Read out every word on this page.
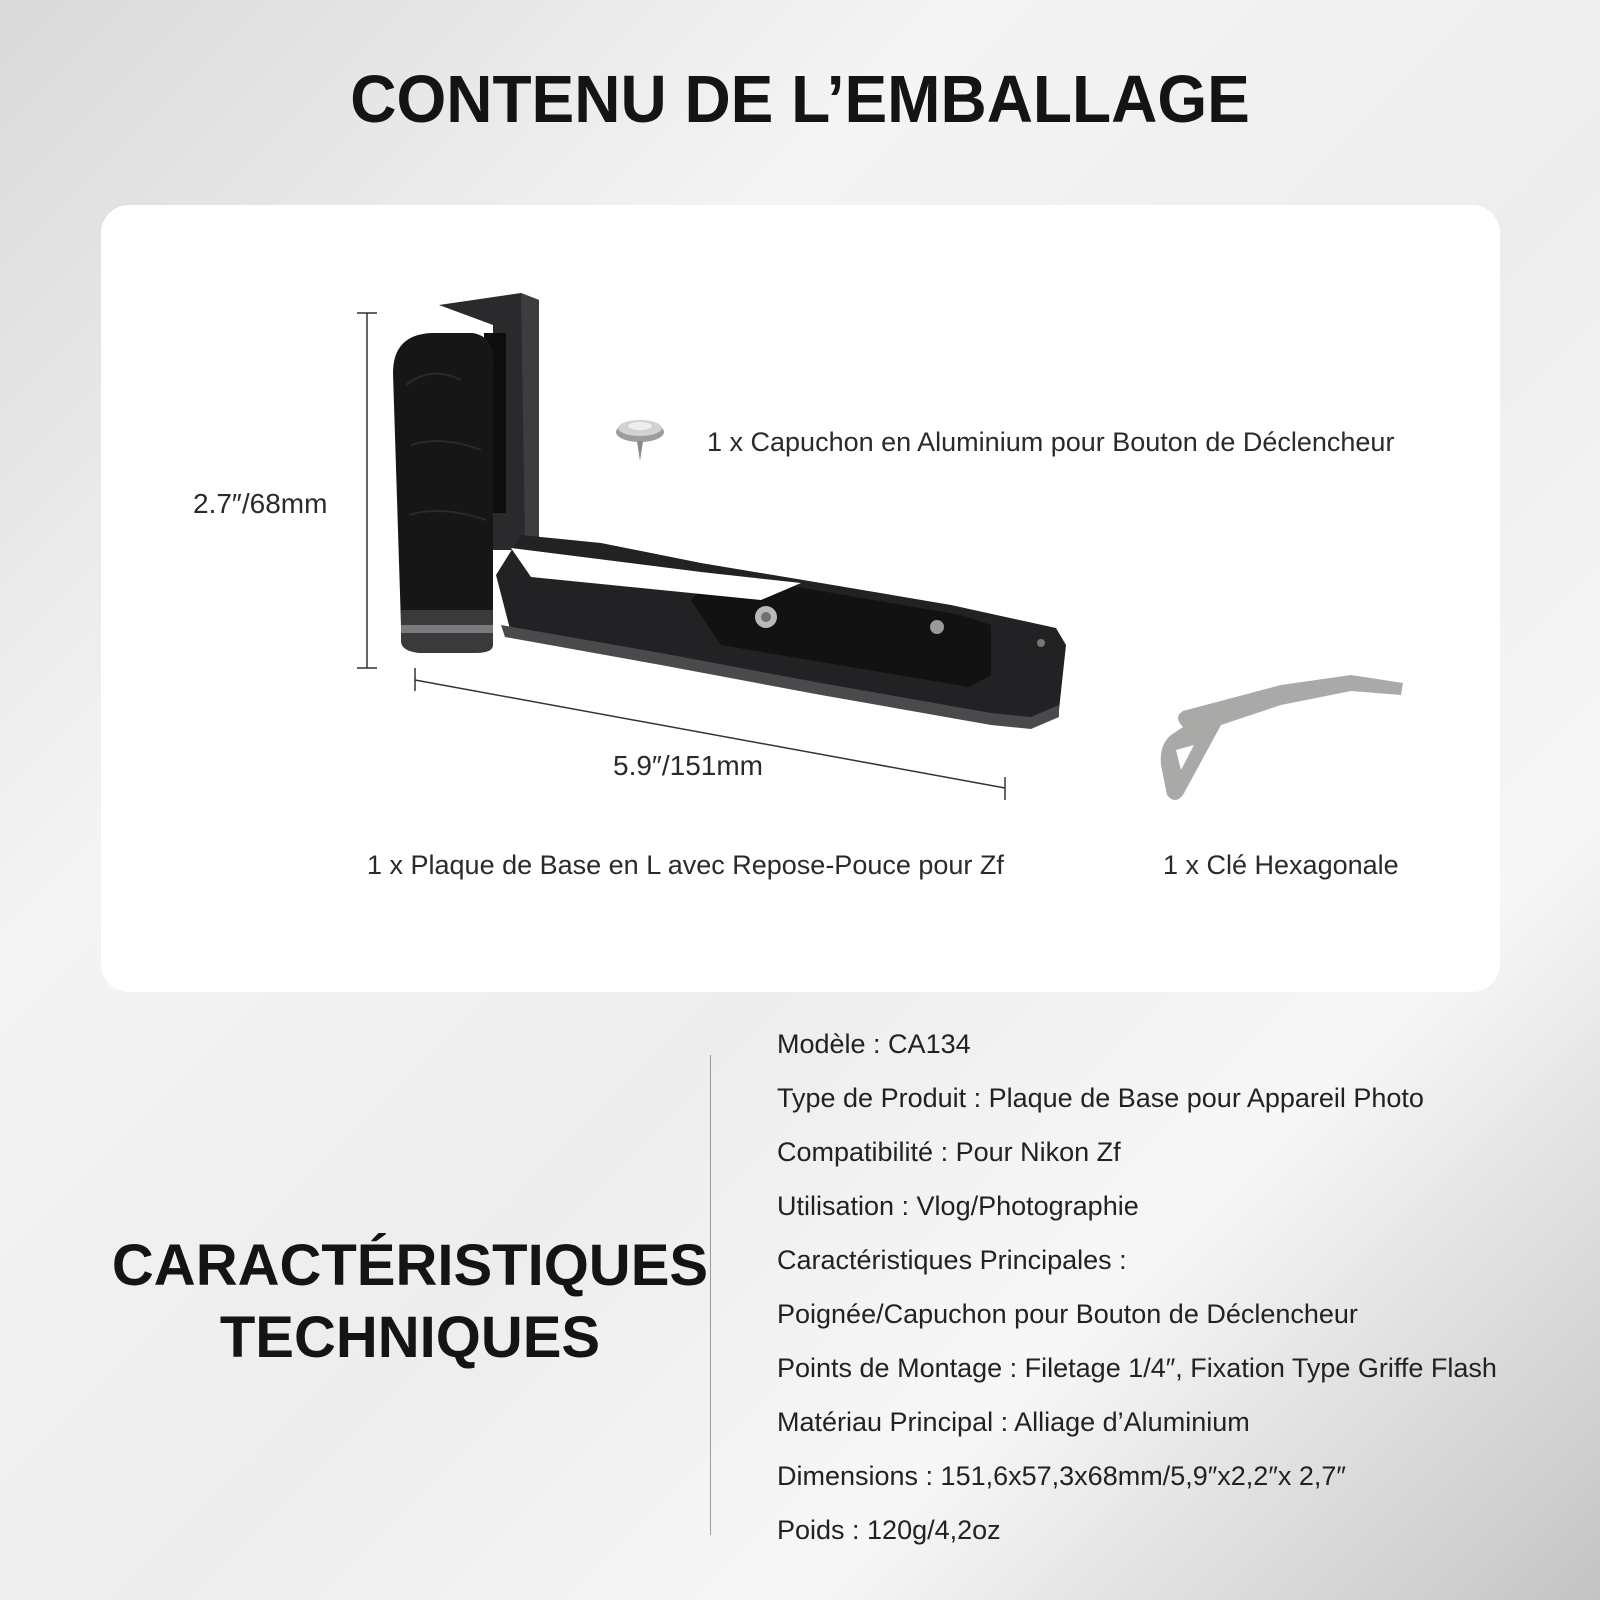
CONTENU DE L’EMBALLAGE
2.7″/68mm
5.9″/151mm
1 x Capuchon en Aluminium pour Bouton de Déclencheur
1 x Plaque de Base en L avec Repose-Pouce pour Zf	1 x Clé Hexagonale
CARACTÉRISTIQUES
TECHNIQUES
Modèle : CA134
Type de Produit : Plaque de Base pour Appareil Photo
Compatibilité : Pour Nikon Zf
Utilisation : Vlog/Photographie
Caractéristiques Principales :
Poignée/Capuchon pour Bouton de Déclencheur
Points de Montage : Filetage 1/4″, Fixation Type Griffe Flash
Matériau Principal : Alliage d’Aluminium
Dimensions : 151,6x57,3x68mm/5,9″x2,2″x 2,7″
Poids : 120g/4,2oz
